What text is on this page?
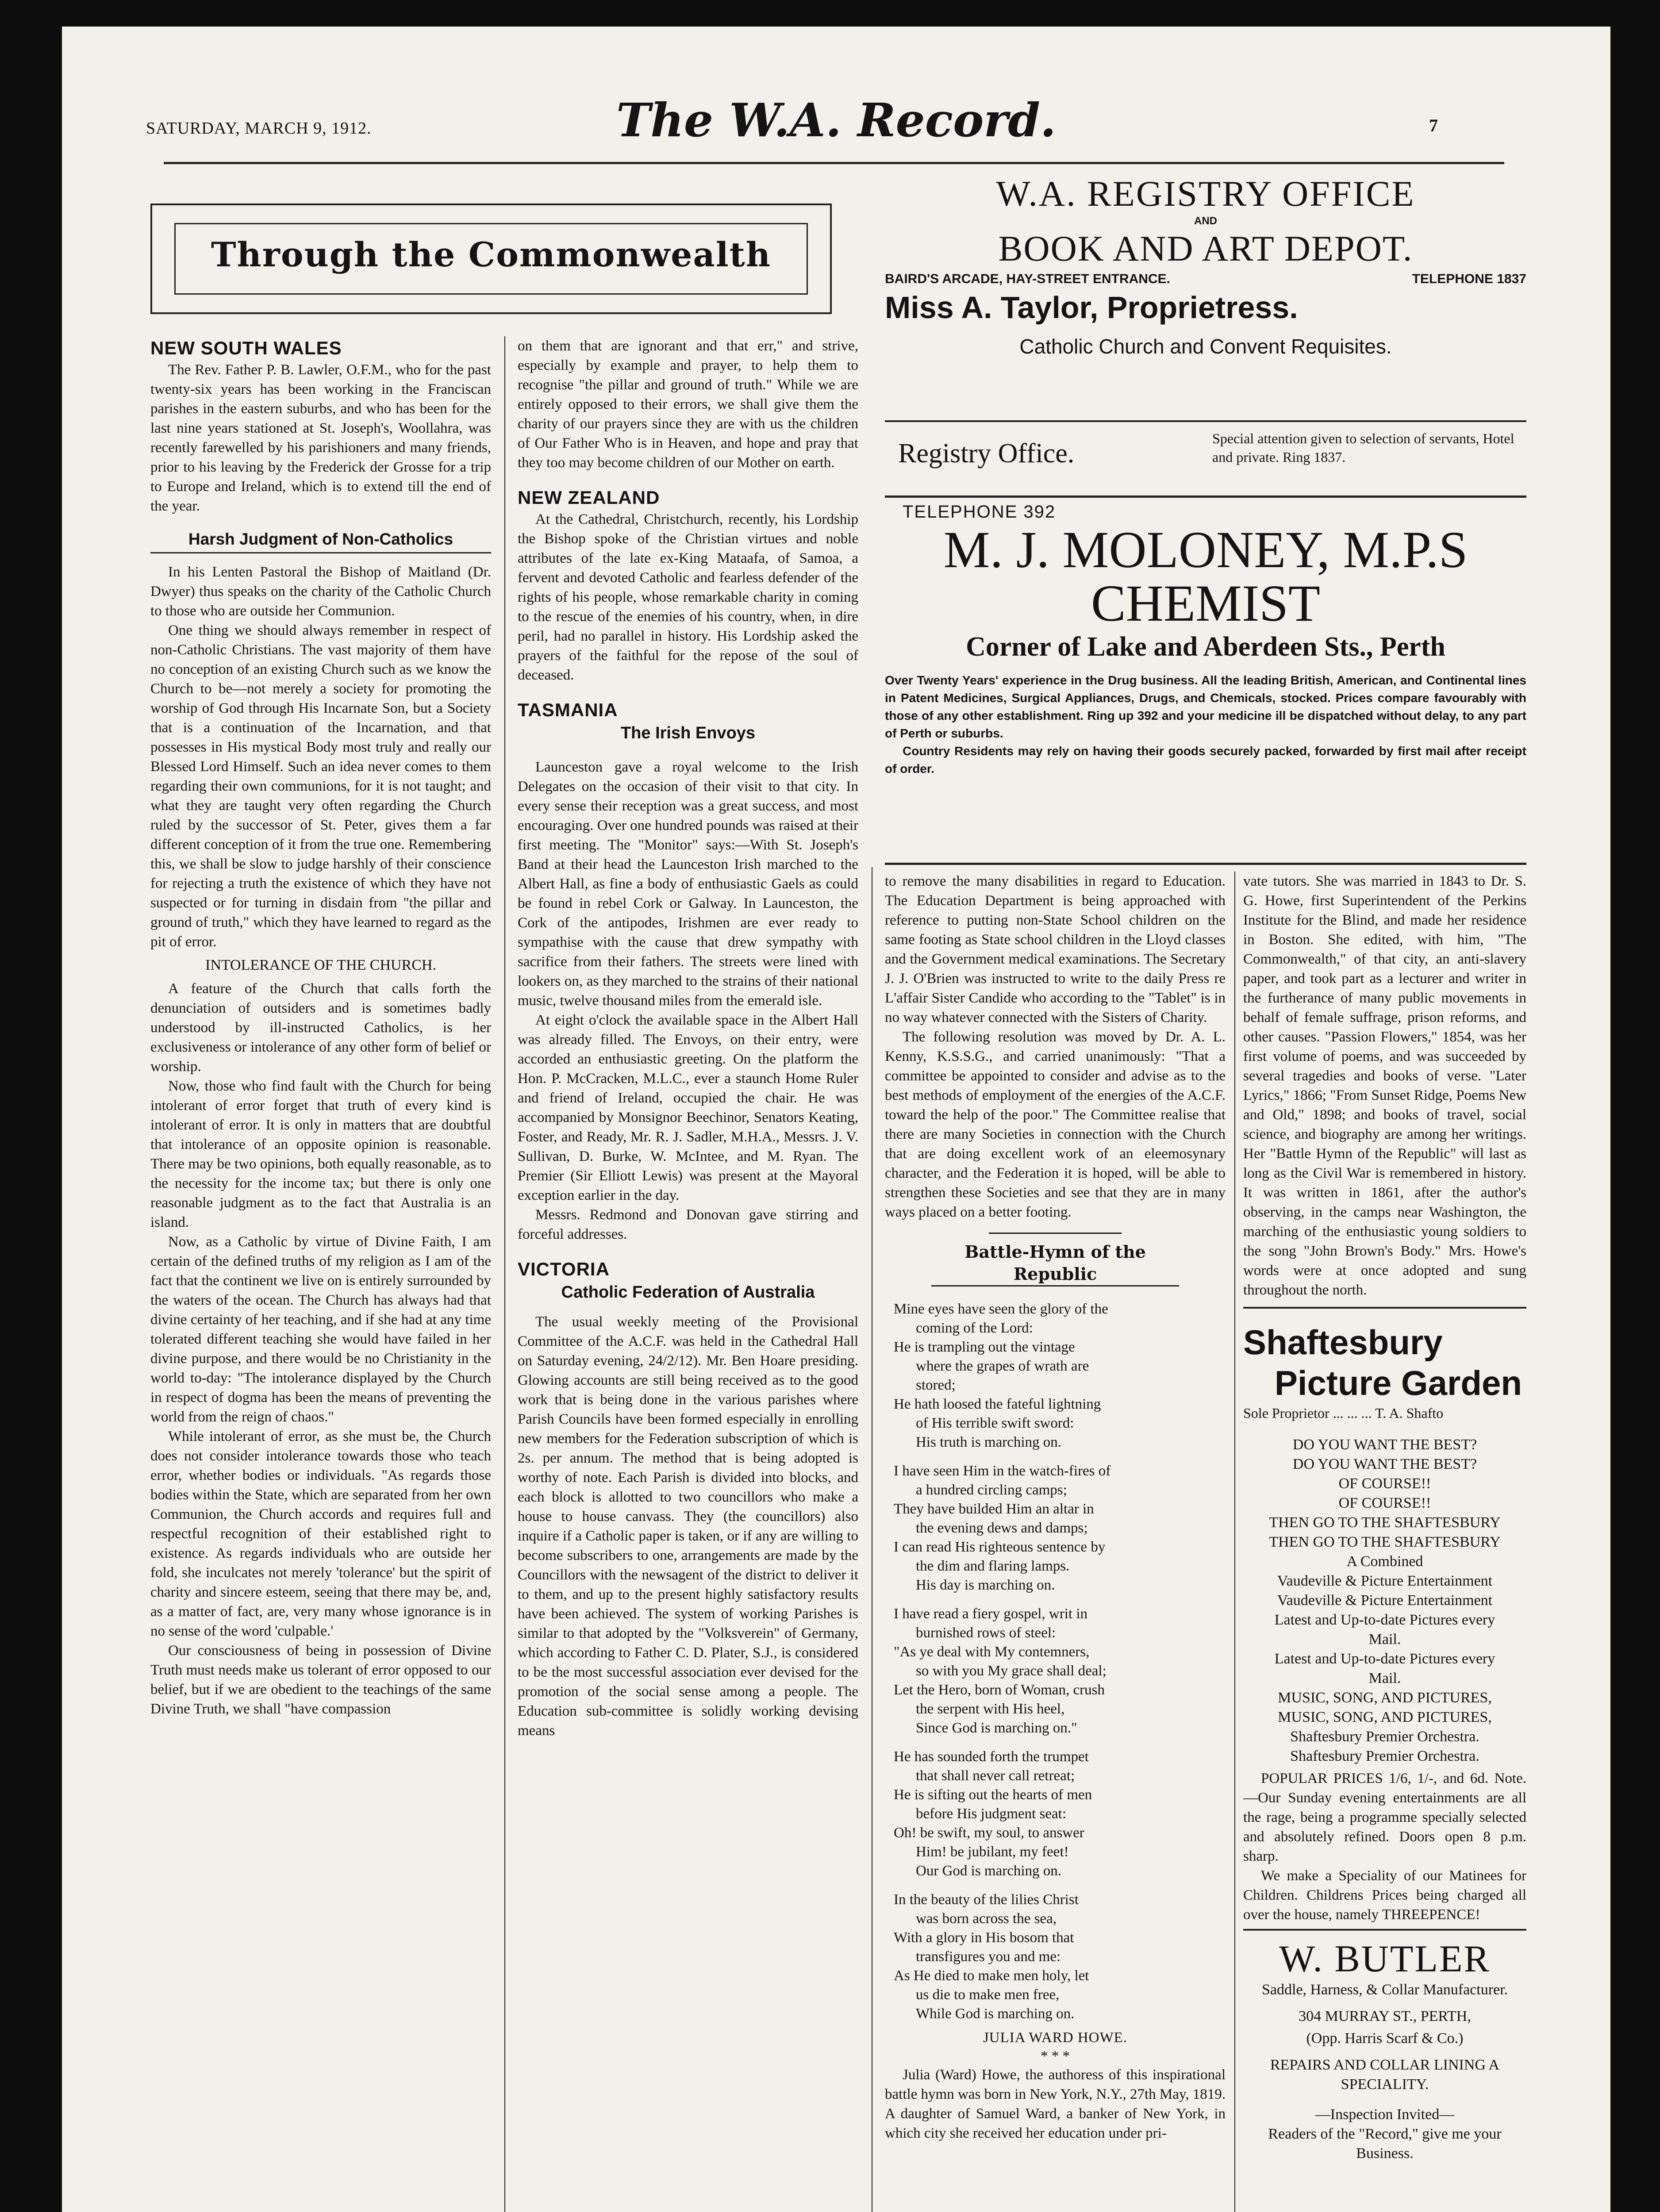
SATURDAY, MARCH 9, 1912.	The W.A. Record.	7
Through the Commonwealth
NEW SOUTH WALES

The Rev. Father P. B. Lawler, O.F.M., who for the past twenty-six years has been working in the Franciscan parishes in the eastern suburbs, and who has been for the last nine years stationed at St. Joseph's, Woollahra, was recently farewelled by his parishioners and many friends, prior to his leaving by the Frederick der Grosse for a trip to Europe and Ireland, which is to extend till the end of the year.

Harsh Judgment of Non-Catholics

In his Lenten Pastoral the Bishop of Maitland (Dr. Dwyer) thus speaks on the charity of the Catholic Church to those who are outside her Communion.

One thing we should always remember in respect of non-Catholic Christians. The vast majority of them have no conception of an existing Church such as we know the Church to be—not merely a society for promoting the worship of God through His Incarnate Son, but a Society that is a continuation of the Incarnation, and that possesses in His mystical Body most truly and really our Blessed Lord Himself. Such an idea never comes to them regarding their own communions, for it is not taught; and what they are taught very often regarding the Church ruled by the successor of St. Peter, gives them a far different conception of it from the true one. Remembering this, we shall be slow to judge harshly of their conscience for rejecting a truth the existence of which they have not suspected or for turning in disdain from "the pillar and ground of truth," which they have learned to regard as the pit of error.

INTOLERANCE OF THE CHURCH.

A feature of the Church that calls forth the denunciation of outsiders and is sometimes badly understood by ill-instructed Catholics, is her exclusiveness or intolerance of any other form of belief or worship.

Now, those who find fault with the Church for being intolerant of error forget that truth of every kind is intolerant of error. It is only in matters that are doubtful that intolerance of an opposite opinion is reasonable. There may be two opinions, both equally reasonable, as to the necessity for the income tax; but there is only one reasonable judgment as to the fact that Australia is an island.

Now, as a Catholic by virtue of Divine Faith, I am certain of the defined truths of my religion as I am of the fact that the continent we live on is entirely surrounded by the waters of the ocean. The Church has always had that divine certainty of her teaching, and if she had at any time tolerated different teaching she would have failed in her divine purpose, and there would be no Christianity in the world to-day: "The intolerance displayed by the Church in respect of dogma has been the means of preventing the world from the reign of chaos."

While intolerant of error, as she must be, the Church does not consider intolerance towards those who teach error, whether bodies or individuals. "As regards those bodies within the State, which are separated from her own Communion, the Church accords and requires full and respectful recognition of their established right to existence. As regards individuals who are outside her fold, she inculcates not merely 'tolerance' but the spirit of charity and sincere esteem, seeing that there may be, and, as a matter of fact, are, very many whose ignorance is in no sense of the word 'culpable.'

Our consciousness of being in possession of Divine Truth must needs make us tolerant of error opposed to our belief, but if we are obedient to the teachings of the same Divine Truth, we shall "have compassion

on them that are ignorant and that err," and strive, especially by example and prayer, to help them to recognise "the pillar and ground of truth." While we are entirely opposed to their errors, we shall give them the charity of our prayers since they are with us the children of Our Father Who is in Heaven, and hope and pray that they too may become children of our Mother on earth.

NEW ZEALAND

At the Cathedral, Christchurch, recently, his Lordship the Bishop spoke of the Christian virtues and noble attributes of the late ex-King Mataafa, of Samoa, a fervent and devoted Catholic and fearless defender of the rights of his people, whose remarkable charity in coming to the rescue of the enemies of his country, when, in dire peril, had no parallel in history. His Lordship asked the prayers of the faithful for the repose of the soul of deceased.

TASMANIA
The Irish Envoys

Launceston gave a royal welcome to the Irish Delegates on the occasion of their visit to that city. In every sense their reception was a great success, and most encouraging. Over one hundred pounds was raised at their first meeting. The "Monitor" says:—With St. Joseph's Band at their head the Launceston Irish marched to the Albert Hall, as fine a body of enthusiastic Gaels as could be found in rebel Cork or Galway. In Launceston, the Cork of the antipodes, Irishmen are ever ready to sympathise with the cause that drew sympathy with sacrifice from their fathers. The streets were lined with lookers on, as they marched to the strains of their national music, twelve thousand miles from the emerald isle.

At eight o'clock the available space in the Albert Hall was already filled. The Envoys, on their entry, were accorded an enthusiastic greeting. On the platform the Hon. P. McCracken, M.L.C., ever a staunch Home Ruler and friend of Ireland, occupied the chair. He was accompanied by Monsignor Beechinor, Senators Keating, Foster, and Ready, Mr. R. J. Sadler, M.H.A., Messrs. J. V. Sullivan, D. Burke, W. McIntee, and M. Ryan. The Premier (Sir Elliott Lewis) was present at the Mayoral exception earlier in the day.

Messrs. Redmond and Donovan gave stirring and forceful addresses.

VICTORIA
Catholic Federation of Australia

The usual weekly meeting of the Provisional Committee of the A.C.F. was held in the Cathedral Hall on Saturday evening, 24/2/12). Mr. Ben Hoare presiding. Glowing accounts are still being received as to the good work that is being done in the various parishes where Parish Councils have been formed especially in enrolling new members for the Federation subscription of which is 2s. per annum. The method that is being adopted is worthy of note. Each Parish is divided into blocks, and each block is allotted to two councillors who make a house to house canvass. They (the councillors) also inquire if a Catholic paper is taken, or if any are willing to become subscribers to one, arrangements are made by the Councillors with the newsagent of the district to deliver it to them, and up to the present highly satisfactory results have been achieved. The system of working Parishes is similar to that adopted by the "Volksverein" of Germany, which according to Father C. D. Plater, S.J., is considered to be the most successful association ever devised for the promotion of the social sense among a people. The Education sub-committee is solidly working devising means

W.A. REGISTRY OFFICE
AND
BOOK AND ART DEPOT.
BAIRD'S ARCADE, HAY-STREET ENTRANCE.	TELEPHONE 1837
Miss A. Taylor, Proprietress.
Catholic Church and Convent Requisites.
Registry Office.	Special attention given to selection of servants, Hotel and private. Ring 1837.
TELEPHONE 392
M. J. MOLONEY, M.P.S
CHEMIST
Corner of Lake and Aberdeen Sts., Perth

Over Twenty Years' experience in the Drug business. All the leading British, American, and Continental lines in Patent Medicines, Surgical Appliances, Drugs, and Chemicals, stocked. Prices compare favourably with those of any other establishment. Ring up 392 and your medicine ill be dispatched without delay, to any part of Perth or suburbs.

Country Residents may rely on having their goods securely packed, forwarded by first mail after receipt of order.

to remove the many disabilities in regard to Education. The Education Department is being approached with reference to putting non-State School children on the same footing as State school children in the Lloyd classes and the Government medical examinations. The Secretary J. J. O'Brien was instructed to write to the daily Press re L'affair Sister Candide who according to the "Tablet" is in no way whatever connected with the Sisters of Charity.

The following resolution was moved by Dr. A. L. Kenny, K.S.S.G., and carried unanimously: "That a committee be appointed to consider and advise as to the best methods of employment of the energies of the A.C.F. toward the help of the poor." The Committee realise that there are many Societies in connection with the Church that are doing excellent work of an eleemosynary character, and the Federation it is hoped, will be able to strengthen these Societies and see that they are in many ways placed on a better footing.

Battle-Hymn of the Republic
Mine eyes have seen the glory of the
coming of the Lord:
He is trampling out the vintage
where the grapes of wrath are
stored;
He hath loosed the fateful lightning
of His terrible swift sword:
His truth is marching on.
I have seen Him in the watch-fires of
a hundred circling camps;
They have builded Him an altar in
the evening dews and damps;
I can read His righteous sentence by
the dim and flaring lamps.
His day is marching on.
I have read a fiery gospel, writ in
burnished rows of steel:
"As ye deal with My contemners,
so with you My grace shall deal;
Let the Hero, born of Woman, crush
the serpent with His heel,
Since God is marching on."
He has sounded forth the trumpet
that shall never call retreat;
He is sifting out the hearts of men
before His judgment seat:
Oh! be swift, my soul, to answer
Him! be jubilant, my feet!
Our God is marching on.
In the beauty of the lilies Christ
was born across the sea,
With a glory in His bosom that
transfigures you and me:
As He died to make men holy, let
us die to make men free,
While God is marching on.
JULIA WARD HOWE.
* * *

Julia (Ward) Howe, the authoress of this inspirational battle hymn was born in New York, N.Y., 27th May, 1819. A daughter of Samuel Ward, a banker of New York, in which city she received her education under pri-

vate tutors. She was married in 1843 to Dr. S. G. Howe, first Superintendent of the Perkins Institute for the Blind, and made her residence in Boston. She edited, with him, "The Commonwealth," of that city, an anti-slavery paper, and took part as a lecturer and writer in the furtherance of many public movements in behalf of female suffrage, prison reforms, and other causes. "Passion Flowers," 1854, was her first volume of poems, and was succeeded by several tragedies and books of verse. "Later Lyrics," 1866; "From Sunset Ridge, Poems New and Old," 1898; and books of travel, social science, and biography are among her writings. Her "Battle Hymn of the Republic" will last as long as the Civil War is remembered in history. It was written in 1861, after the author's observing, in the camps near Washington, the marching of the enthusiastic young soldiers to the song "John Brown's Body." Mrs. Howe's words were at once adopted and sung throughout the north.

Shaftesbury
Picture Garden
Sole Proprietor ... ... ... T. A. Shafto
DO YOU WANT THE BEST?
DO YOU WANT THE BEST?
OF COURSE!!
OF COURSE!!
THEN GO TO THE SHAFTESBURY
THEN GO TO THE SHAFTESBURY
A Combined
Vaudeville & Picture Entertainment
Vaudeville & Picture Entertainment
Latest and Up-to-date Pictures every
Mail.
Latest and Up-to-date Pictures every
Mail.
MUSIC, SONG, AND PICTURES,
MUSIC, SONG, AND PICTURES,
Shaftesbury Premier Orchestra.
Shaftesbury Premier Orchestra.

POPULAR PRICES 1/6, 1/-, and 6d. Note.—Our Sunday evening entertainments are all the rage, being a programme specially selected and absolutely refined. Doors open 8 p.m. sharp.

We make a Speciality of our Matinees for Children. Childrens Prices being charged all over the house, namely THREEPENCE!

W. BUTLER
Saddle, Harness, & Collar Manufacturer.
304 MURRAY ST., PERTH,
(Opp. Harris Scarf & Co.)
REPAIRS AND COLLAR LINING A SPECIALITY.
—Inspection Invited—
Readers of the "Record," give me your Business.
